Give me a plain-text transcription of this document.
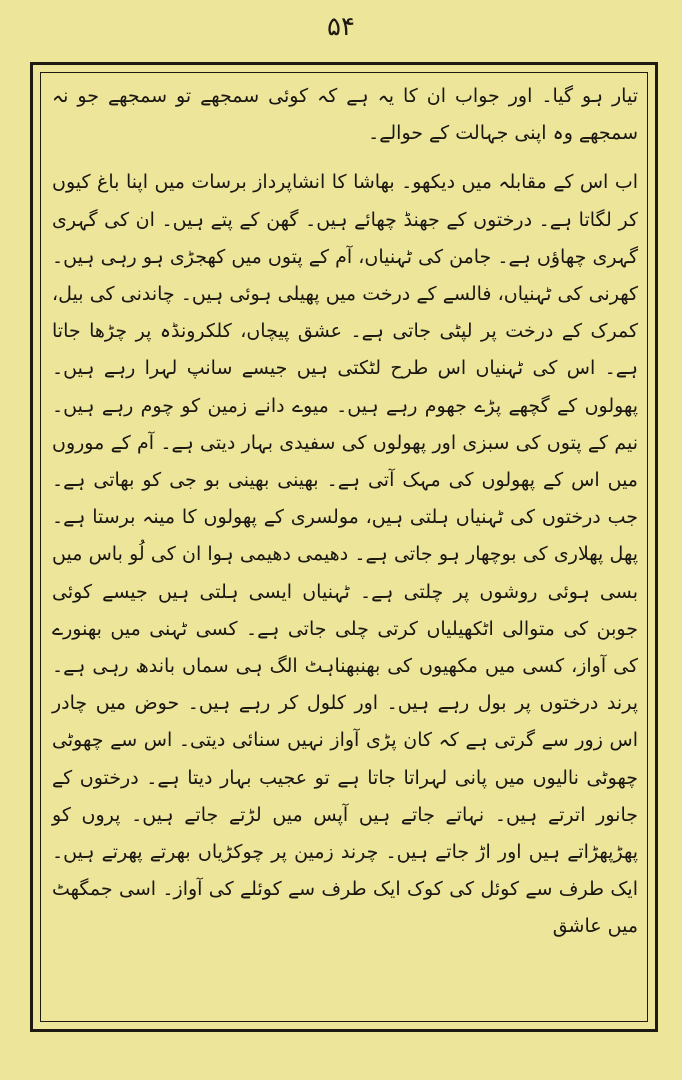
۵۴

تیار ہو گیا۔ اور جواب ان کا یہ ہے کہ کوئی سمجھے تو سمجھے جو نہ سمجھے وہ اپنی جہالت کے حوالے۔

اب اس کے مقابلہ میں دیکھو۔ بھاشا کا انشاپرداز برسات میں اپنا باغ کیوں کر لگاتا ہے۔ درختوں کے جھنڈ چھائے ہیں۔ گھن کے پتے ہیں۔ ان کی گہری گہری چھاؤں ہے۔ جامن کی ٹہنیاں، آم کے پتوں میں کھجڑی ہو رہی ہیں۔ کھرنی کی ٹہنیاں، فالسے کے درخت میں پھیلی ہوئی ہیں۔ چاندنی کی بیل، کمرک کے درخت پر لپٹی جاتی ہے۔ عشق پیچاں، کلکرونڈہ پر چڑھا جاتا ہے۔ اس کی ٹہنیاں اس طرح لٹکتی ہیں جیسے سانپ لہرا رہے ہیں۔ پھولوں کے گچھے پڑے جھوم رہے ہیں۔ میوے دانے زمین کو چوم رہے ہیں۔ نیم کے پتوں کی سبزی اور پھولوں کی سفیدی بہار دیتی ہے۔ آم کے موروں میں اس کے پھولوں کی مہک آتی ہے۔ بھینی بھینی بو جی کو بھاتی ہے۔ جب درختوں کی ٹہنیاں ہلتی ہیں، مولسری کے پھولوں کا مینہ برستا ہے۔ پھل پھلاری کی بوچھار ہو جاتی ہے۔ دھیمی دھیمی ہوا ان کی لُو باس میں بسی ہوئی روشوں پر چلتی ہے۔ ٹہنیاں ایسی ہلتی ہیں جیسے کوئی جوبن کی متوالی اٹکھیلیاں کرتی چلی جاتی ہے۔ کسی ٹہنی میں بھنورے کی آواز، کسی میں مکھیوں کی بھنبھناہٹ الگ ہی سماں باندھ رہی ہے۔ پرند درختوں پر بول رہے ہیں۔ اور کلول کر رہے ہیں۔ حوض میں چادر اس زور سے گرتی ہے کہ کان پڑی آواز نہیں سنائی دیتی۔ اس سے چھوٹی چھوٹی نالیوں میں پانی لہراتا جاتا ہے تو عجیب بہار دیتا ہے۔ درختوں کے جانور اترتے ہیں۔ نہاتے جاتے ہیں آپس میں لڑتے جاتے ہیں۔ پروں کو پھڑپھڑاتے ہیں اور اڑ جاتے ہیں۔ چرند زمین پر چوکڑیاں بھرتے پھرتے ہیں۔ ایک طرف سے کوئل کی کوک ایک طرف سے کوئلے کی آواز۔ اسی جمگھٹ میں عاشق
